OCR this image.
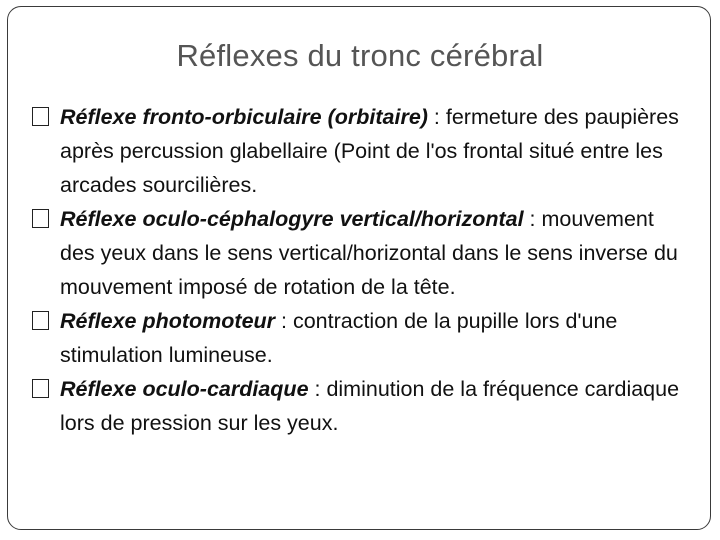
Réflexes du tronc cérébral

Réflexe fronto-orbiculaire (orbitaire) : fermeture des paupières après percussion glabellaire (Point de l'os frontal situé entre les arcades sourcilières.

Réflexe oculo-céphalogyre vertical/horizontal : mouvement des yeux dans le sens vertical/horizontal dans le sens inverse du mouvement imposé de rotation de la tête.

Réflexe photomoteur : contraction de la pupille lors d'une stimulation lumineuse.

Réflexe oculo-cardiaque : diminution de la fréquence cardiaque lors de pression sur les yeux.
